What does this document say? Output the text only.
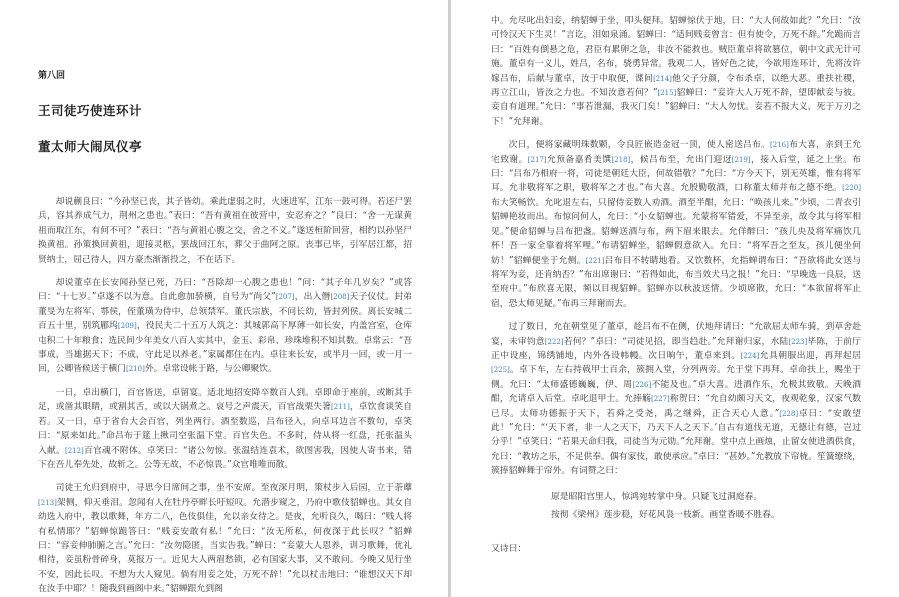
第八回
王司徒巧使连环计
董太师大闹凤仪亭

却说蒯良曰：“今孙坚已丧，其子皆幼。乘此虚弱之时，火速进军，江东一鼓可得。若还尸罢兵，容其养成气力，荆州之患也。”表曰：“吾有黄祖在彼营中，安忍弃之？”良曰：“舍一无谋黄祖而取江东，有何不可？”表曰：“吾与黄祖心腹之交，舍之不义。”遂送桓阶回营，相约以孙坚尸换黄祖。孙策换回黄祖，迎接灵柩，罢战回江东，葬父于曲阿之原。丧事已毕，引军居江都，招贤纳士，屈己待人，四方豪杰渐渐投之，不在话下。

却说董卓在长安闻孙坚已死，乃曰：“吾除却一心腹之患也！”问：“其子年几岁矣？”或答曰：“十七岁。”卓遂不以为意。自此愈加骄横，自号为“尚父”[207]，出入僭[208]天子仪仗。封弟董旻为左将军、鄠侯，侄董璜为侍中，总领禁军。董氏宗族，不问长幼，皆封列侯。离长安城二百五十里，别筑郿坞[209]，役民夫二十五万人筑之：其城郭高下厚薄一如长安，内盖宫室，仓库屯积二十年粮食；选民间少年美女八百人实其中，金玉、彩帛、珍珠堆积不知其数。卓常云：“吾事成，当雄据天下；不成，守此足以养老。”家属都住在内。卓往来长安，或半月一回，或一月一回，公卿皆候送于横门[210]外。卓常设帐于路，与公卿聚饮。

一日，卓出横门，百官皆送，卓留宴。适北地招安降卒数百人到。卓即命于座前，或断其手足，或凿其眼睛，或割其舌，或以大锅煮之。哀号之声震天，百官战栗失箸[211]，卓饮食谈笑自若。又一日，卓于省台大会百官，列坐两行。酒至数巡，吕布径入，向卓耳边言不数句，卓笑曰：“原来如此。”命吕布于筵上揪司空张温下堂。百官失色。不多时，侍从将一红盘，托张温头入献。[212]百官魂不附体。卓笑曰：“诸公勿惊。张温结连袁术，欲图害我，因使人寄书来，错下在吾儿奉先处，故斩之。公等无故，不必惊畏。”众官唯唯而散。

司徒王允归到府中，寻思今日席间之事，坐不安席。至夜深月明，策杖步入后园，立于荼蘼[213]架侧，仰天垂泪。忽闻有人在牡丹亭畔长吁短叹。允潜步窥之，乃府中歌伎貂蝉也。其女自幼选入府中，教以歌舞，年方二八，色伎俱佳，允以亲女待之。是夜，允听良久，喝曰：“贱人将有私情耶？”貂蝉惊跪答曰：“贱妾安敢有私！”允曰：“汝无所私，何夜深于此长叹？”貂蝉曰：“容妾伸肺腑之言。”允曰：“汝勿隐匿，当实告我。”蝉曰：“妾蒙大人恩养，训习歌舞，优礼相待，妾虽粉骨碎身，莫报万一。近见大人两眉愁锁，必有国家大事，又不敢问。今晚又见行坐不安，因此长叹。不想为大人窥见。倘有用妾之处，万死不辞！”允以杖击地曰：“谁想汉天下却在汝手中耶？！随我到画阁中来。”貂蝉跟允到阁

中。允尽叱出妇妾，纳貂蝉于坐，叩头便拜。貂蝉惊伏于地，曰：“大人何故如此？”允曰：“汝可怜汉天下生灵！”言讫，泪如泉涌。貂蝉曰：“适间贱妾曾言：但有使令，万死不辞。”允跪而言曰：“百姓有倒悬之危，君臣有累卵之急，非汝不能救也。贼臣董卓将欲篡位，朝中文武无计可施。董卓有一义儿，姓吕，名布，骁勇异常。我观二人，皆好色之徒，今欲用连环计，先将汝许嫁吕布，后献与董卓，汝于中取便，谍间[214]他父子分颜，令布杀卓，以绝大恶。重扶社稷，再立江山，皆汝之力也。不知汝意若何？”[215]貂蝉曰：“妾许大人万死不辞，望即献妾与彼。妾自有道理。”允曰：“事若泄漏，我灭门矣！”貂蝉曰：“大人勿忧。妾若不报大义，死于万刃之下！”允拜谢。

次日，便将家藏明珠数颗，令良匠嵌造金冠一顶，使人密送吕布。[216]布大喜，亲到王允宅致谢。[217]允预备嘉肴美馔[218]，候吕布至，允出门迎迓[219]，接入后堂，延之上坐。布曰：“吕布乃相府一将，司徒是朝廷大臣，何故错敬？”允曰：“方今天下，别无英雄，惟有将军耳。允非敬将军之职，敬将军之才也。”布大喜。允殷勤敬酒，口称董太师并布之德不绝。[220]布大笑畅饮。允叱退左右，只留侍妾数人劝酒。酒至半酣，允曰：“唤孩儿来。”少顷，二青衣引貂蝉艳妆而出。布惊问何人，允曰：“小女貂蝉也。允蒙将军错爱，不异至亲，故令其与将军相见。”便命貂蝉与吕布把盏。貂蝉送酒与布，两下眉来眼去。允佯醉曰：“孩儿央及将军痛饮几杯！吾一家全靠着将军哩。”布请貂蝉坐，貂蝉假意欲入。允曰：“将军吾之至友，孩儿便坐何妨！”貂蝉便坐于允侧。[221]吕布目不转睛地看。又饮数杯，允指蝉谓布曰：“吾欲将此女送与将军为妾，还肯纳否？”布出席谢曰：“若得如此，布当效犬马之报！”允曰：“早晚选一良辰，送至府中。”布欣喜无限，频以目视貂蝉。貂蝉亦以秋波送情。少顷席散，允曰：“本欲留将军止宿，恐太师见疑。”布再三拜谢而去。

过了数日，允在朝堂见了董卓，趁吕布不在侧，伏地拜请曰：“允欲屈太师车骑，到草舍赴宴，未审钧意[222]若何？”卓曰：“司徒见招，即当趋赴。”允拜谢归家，水陆[223]毕陈，于前厅正中设座，锦绣铺地，内外各设帏幔。次日晌午，董卓来到。[224]允具朝服出迎，再拜起居[225]。卓下车，左右持戟甲士百余，簇拥入堂，分列两旁。允于堂下再拜。卓命扶上，赐坐于侧。允曰：“太师盛德巍巍，伊、周[226]不能及也。”卓大喜。进酒作乐，允极其致敬。天晚酒酣，允请卓入后堂。卓叱退甲士。允捧觞[227]称贺曰：“允自幼颇习天文，夜观乾象，汉家气数已尽。太师功德振于天下，若舜之受尧，禹之继舜，正合天心人意。”[228]卓曰：“安敢望此！”允曰：“‘天下者，非一人之天下，乃天下人之天下。’自古有道伐无道，无德让有德，岂过分乎！”卓笑曰：“若果天命归我，司徒当为元勋。”允拜谢。堂中点上画烛，止留女使进酒供食，允曰：“教坊之乐，不足供奉。偶有家伎，敢使承应。”卓曰：“甚妙。”允教放下帘栊。笙簧缭绕，簇捧貂蝉舞于帘外。有词赞之曰：

原是昭阳宫里人，惊鸿宛转掌中身。只疑飞过洞庭春。
按彻《梁州》莲步稳，好花风袅一枝新。画堂香暖不胜春。

又诗曰：
